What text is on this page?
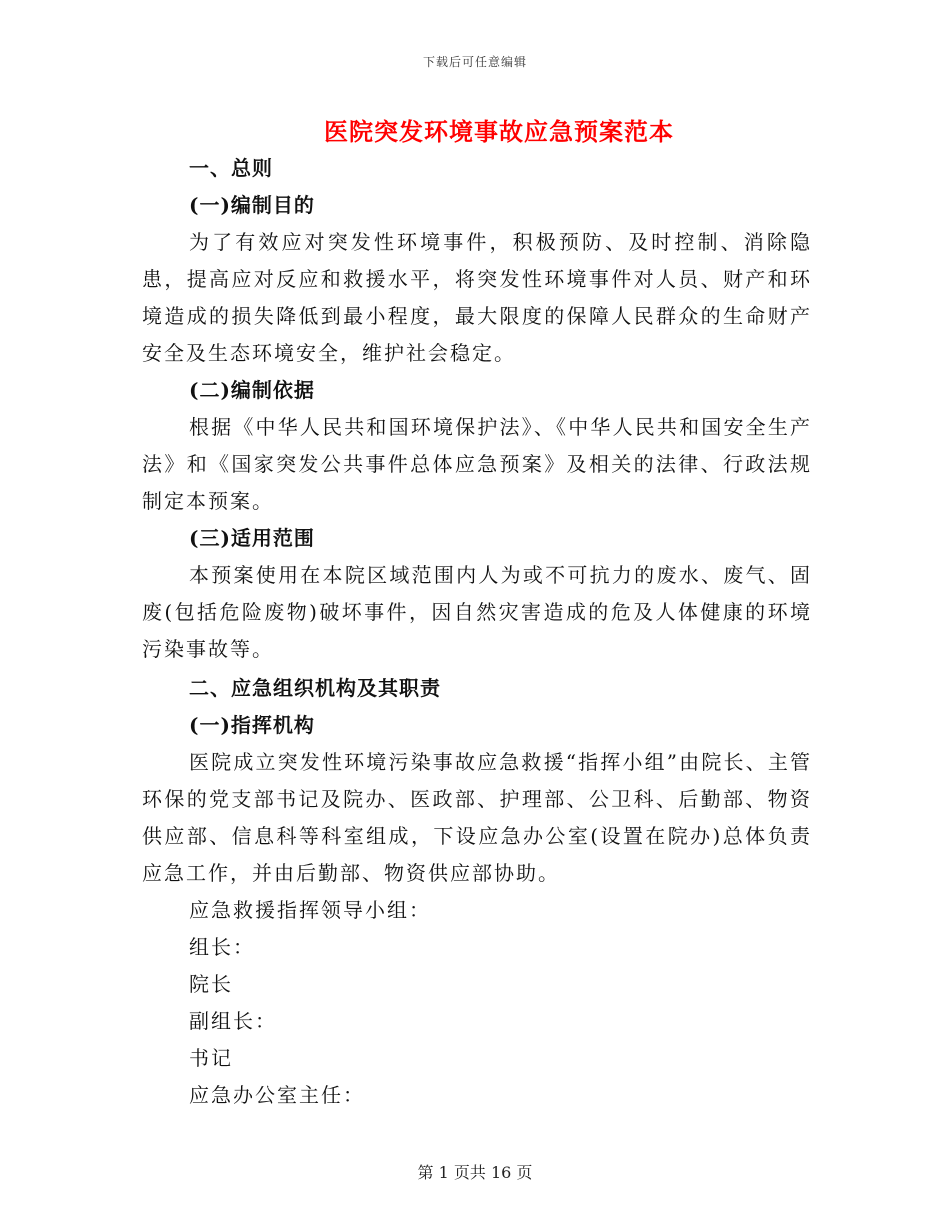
下载后可任意编辑
医院突发环境事故应急预案范本

一、总则

(一)编制目的

为了有效应对突发性环境事件，积极预防、及时控制、消除隐患，提高应对反应和救援水平，将突发性环境事件对人员、财产和环境造成的损失降低到最小程度，最大限度的保障人民群众的生命财产安全及生态环境安全，维护社会稳定。

(二)编制依据

根据《中华人民共和国环境保护法》、《中华人民共和国安全生产法》和《国家突发公共事件总体应急预案》及相关的法律、行政法规制定本预案。

(三)适用范围

本预案使用在本院区域范围内人为或不可抗力的废水、废气、固废(包括危险废物)破坏事件，因自然灾害造成的危及人体健康的环境污染事故等。

二、应急组织机构及其职责

(一)指挥机构

医院成立突发性环境污染事故应急救援“指挥小组”由院长、主管环保的党支部书记及院办、医政部、护理部、公卫科、后勤部、物资供应部、信息科等科室组成，下设应急办公室(设置在院办)总体负责应急工作，并由后勤部、物资供应部协助。

应急救援指挥领导小组：

组长：

院长

副组长：

书记

应急办公室主任：

第 1 页共 16 页
